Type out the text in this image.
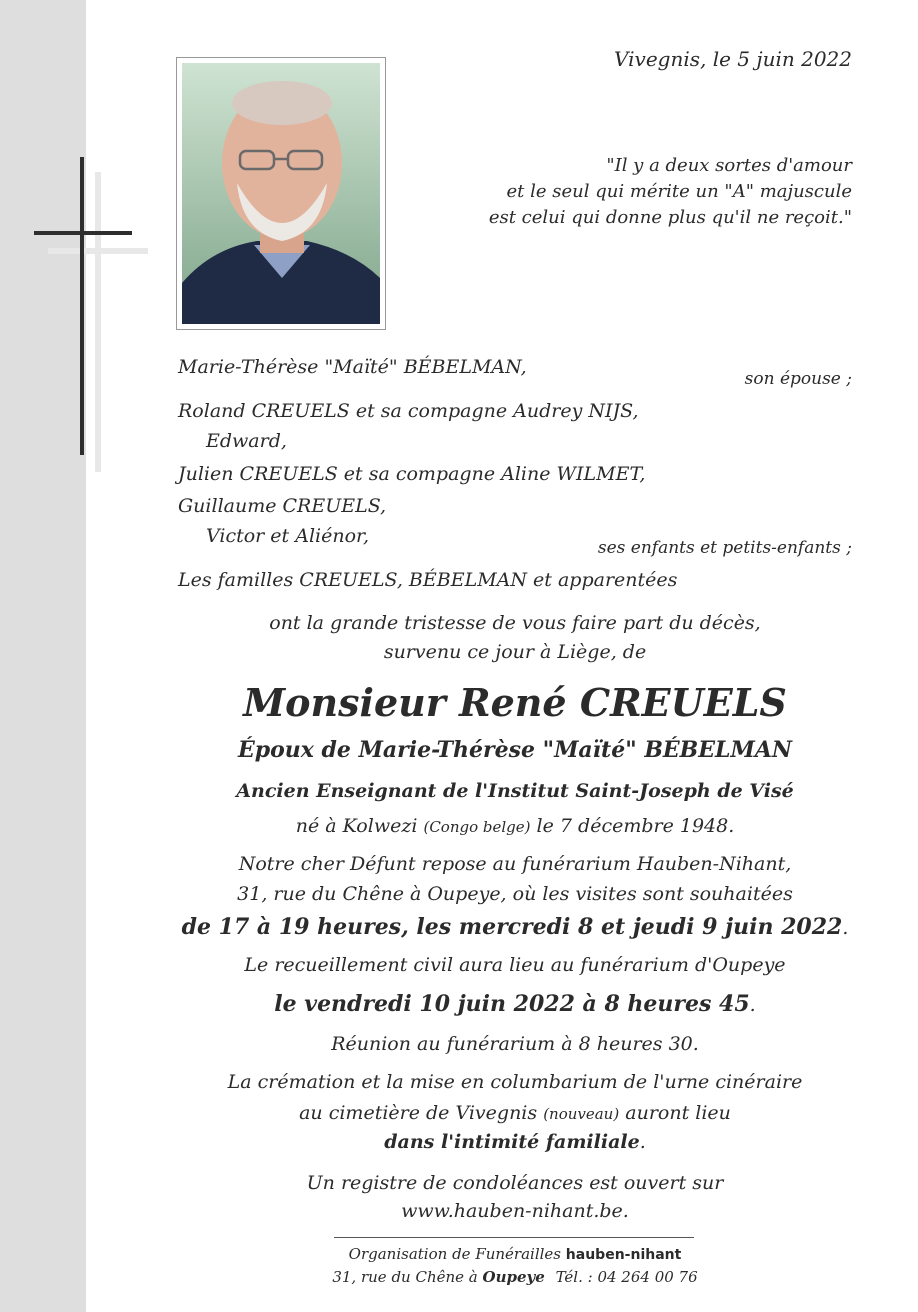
Vivegnis, le 5 juin 2022
"Il y a deux sortes d'amour
et le seul qui mérite un "A" majuscule
est celui qui donne plus qu'il ne reçoit."
Marie-Thérèse "Maïté" BÉBELMAN,
son épouse ;
Roland CREUELS et sa compagne Audrey NIJS,
Edward,
Julien CREUELS et sa compagne Aline WILMET,
Guillaume CREUELS,
Victor et Aliénor,
ses enfants et petits-enfants ;
Les familles CREUELS, BÉBELMAN et apparentées
ont la grande tristesse de vous faire part du décès,
survenu ce jour à Liège, de
Monsieur René CREUELS
Époux de Marie-Thérèse "Maïté" BÉBELMAN
Ancien Enseignant de l'Institut Saint-Joseph de Visé
né à Kolwezi (Congo belge) le 7 décembre 1948.
Notre cher Défunt repose au funérarium Hauben-Nihant,
31, rue du Chêne à Oupeye, où les visites sont souhaitées
de 17 à 19 heures, les mercredi 8 et jeudi 9 juin 2022.
Le recueillement civil aura lieu au funérarium d'Oupeye
le vendredi 10 juin 2022 à 8 heures 45.
Réunion au funérarium à 8 heures 30.
La crémation et la mise en columbarium de l'urne cinéraire
au cimetière de Vivegnis (nouveau) auront lieu
dans l'intimité familiale.
Un registre de condoléances est ouvert sur
www.hauben-nihant.be.
Organisation de Funérailles hauben-nihant
31, rue du Chêne à Oupeye Tél. : 04 264 00 76
